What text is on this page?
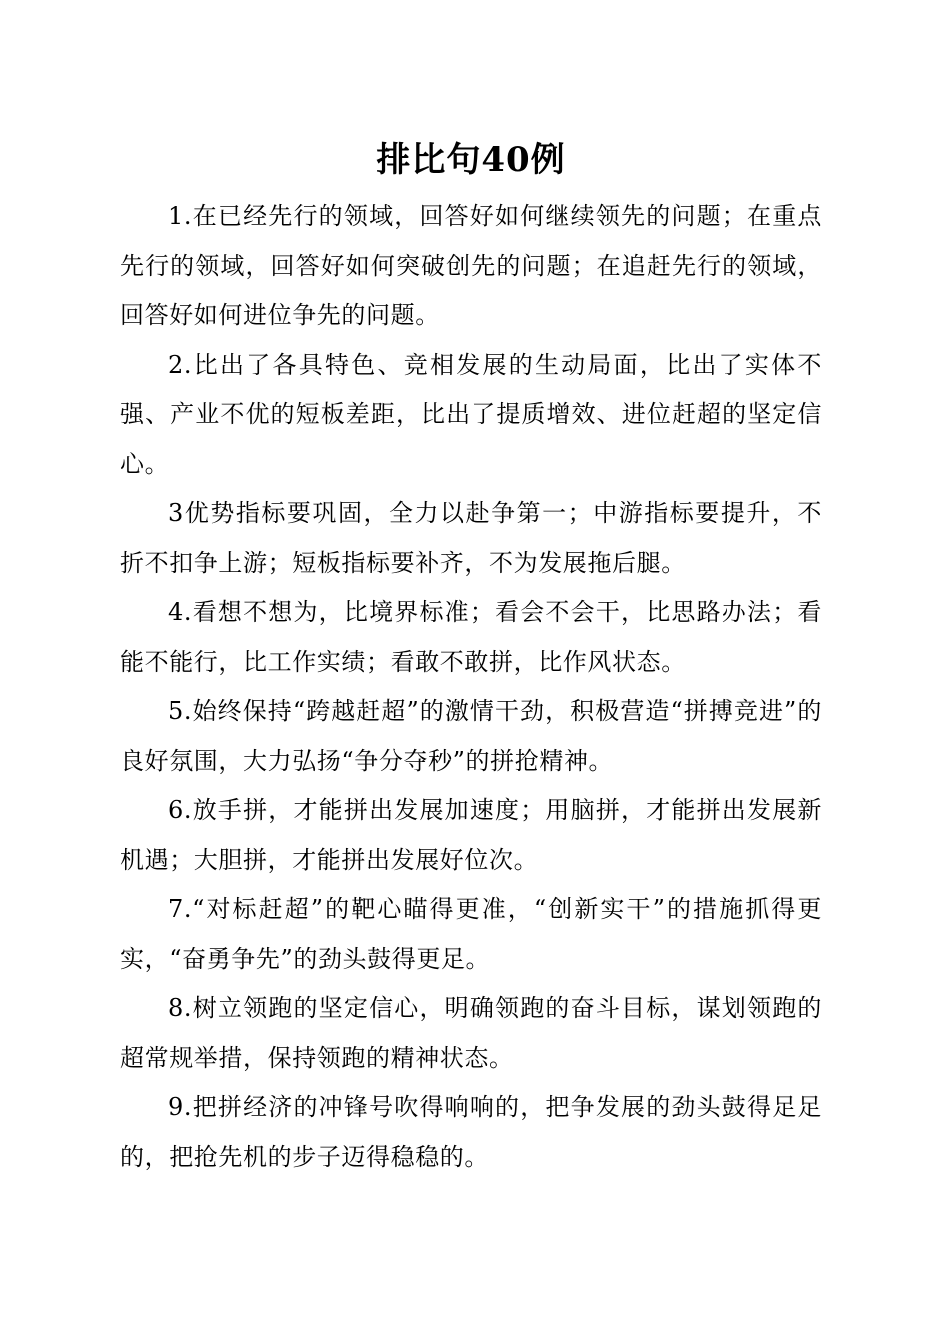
排比句40例

1.在已经先行的领域，回答好如何继续领先的问题；在重点先行的领域，回答好如何突破创先的问题；在追赶先行的领域，回答好如何进位争先的问题。

2.比出了各具特色、竞相发展的生动局面，比出了实体不强、产业不优的短板差距，比出了提质增效、进位赶超的坚定信心。

3优势指标要巩固，全力以赴争第一；中游指标要提升，不折不扣争上游；短板指标要补齐，不为发展拖后腿。

4.看想不想为，比境界标准；看会不会干，比思路办法；看能不能行，比工作实绩；看敢不敢拼，比作风状态。

5.始终保持“跨越赶超”的激情干劲，积极营造“拼搏竞进”的良好氛围，大力弘扬“争分夺秒”的拼抢精神。

6.放手拼，才能拼出发展加速度；用脑拼，才能拼出发展新机遇；大胆拼，才能拼出发展好位次。

7.“对标赶超”的靶心瞄得更准，“创新实干”的措施抓得更实，“奋勇争先”的劲头鼓得更足。

8.树立领跑的坚定信心，明确领跑的奋斗目标，谋划领跑的超常规举措，保持领跑的精神状态。

9.把拼经济的冲锋号吹得响响的，把争发展的劲头鼓得足足的，把抢先机的步子迈得稳稳的。
